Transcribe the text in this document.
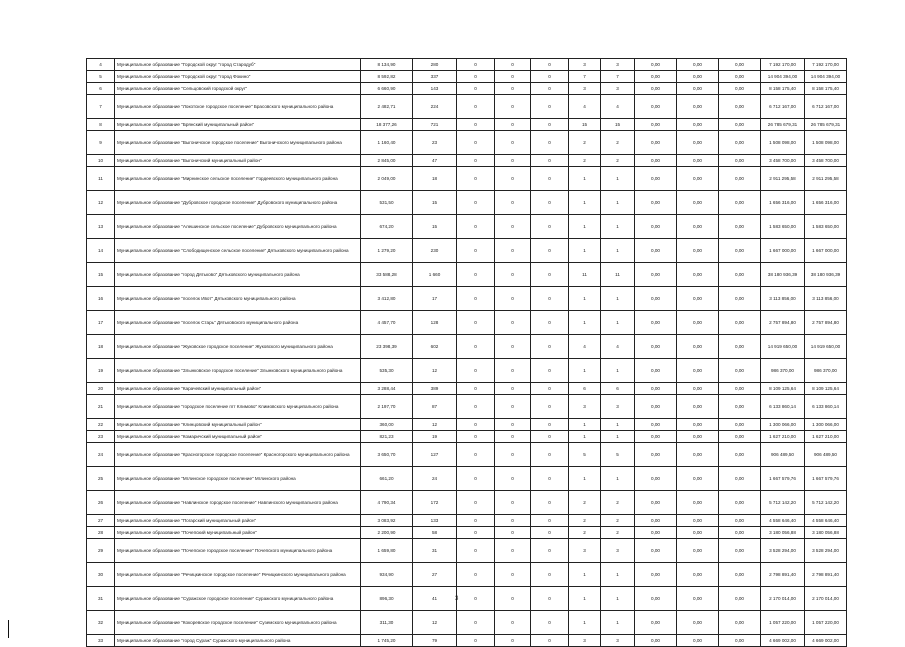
4	Муниципальное образование "Городской округ "город Стародуб"	8 134,90	280	0	0	0	3	3	0,00	0,00	0,00	7 192 170,00	7 192 170,00
5	Муниципальное образование "Городской округ "город Фокино"	8 592,82	337	0	0	0	7	7	0,00	0,00	0,00	14 904 394,00	14 904 394,00
6	Муниципальное образование "Сельцовский городской округ"	6 660,90	143	0	0	0	3	3	0,00	0,00	0,00	8 158 175,40	8 158 175,40
7	Муниципальное образование "Локотское городское поселение" Брасовского муниципального района	2 482,71	224	0	0	0	4	4	0,00	0,00	0,00	6 712 167,00	6 712 167,00
8	Муниципальное образование "Брянский муниципальный район"	18 377,26	721	0	0	0	15	15	0,00	0,00	0,00	26 785 679,31	26 785 679,31
9	Муниципальное образование "Выгоничское городское поселение" Выгоничского муниципального района	1 160,40	23	0	0	0	2	2	0,00	0,00	0,00	1 508 098,00	1 508 098,00
10	Муниципальное образование "Выгоничский муниципальный район"	2 845,00	47	0	0	0	2	2	0,00	0,00	0,00	3 458 700,00	3 458 700,00
11	Муниципальное образование "Мирнинское сельское поселение" Гордеевского муниципального района	2 049,00	18	0	0	0	1	1	0,00	0,00	0,00	2 911 295,58	2 911 295,58
12	Муниципальное образование "Дубровское городское поселение" Дубровского муниципального района	531,50	15	0	0	0	1	1	0,00	0,00	0,00	1 656 316,00	1 656 316,00
13	Муниципальное образование "Алешинское сельское поселение" Дубровского муниципального района	674,20	15	0	0	0	1	1	0,00	0,00	0,00	1 583 650,00	1 583 650,00
14	Муниципальное образование "Слободищенское сельское поселение" Дятьковского муниципального района	1 279,20	230	0	0	0	1	1	0,00	0,00	0,00	1 667 000,00	1 667 000,00
15	Муниципальное образование "город Дятьково" Дятьковского муниципального района	33 588,28	1 660	0	0	0	11	11	0,00	0,00	0,00	38 180 936,39	38 180 936,39
16	Муниципальное образование "поселок Ивот" Дятьковского муниципального района	3 412,80	17	0	0	0	1	1	0,00	0,00	0,00	3 113 856,00	3 113 856,00
17	Муниципальное образование "поселок Старь" Дятьковского муниципального района	4 457,70	128	0	0	0	1	1	0,00	0,00	0,00	2 757 894,80	2 757 894,80
18	Муниципальное образование "Жуковское городское поселение" Жуковского муниципального района	23 398,39	602	0	0	0	4	4	0,00	0,00	0,00	14 919 650,00	14 919 650,00
19	Муниципальное образование "Злынковское городское поселение" Злынковского муниципального района	535,30	12	0	0	0	1	1	0,00	0,00	0,00	986 370,00	986 370,00
20	Муниципальное образование "Карачевский муниципальный район"	3 288,44	389	0	0	0	6	6	0,00	0,00	0,00	8 109 125,64	8 109 125,64
21	Муниципальное образование "городское поселение пгт Климово" Климовского муниципального района	2 197,70	87	0	0	0	3	3	0,00	0,00	0,00	6 133 860,14	6 133 860,14
22	Муниципальное образование "Клинцовский муниципальный район"	360,00	12	0	0	0	1	1	0,00	0,00	0,00	1 300 066,00	1 300 066,00
23	Муниципальное образование "Комаричский муниципальный район"	821,23	19	0	0	0	1	1	0,00	0,00	0,00	1 627 210,00	1 627 210,00
24	Муниципальное образование "Красногорское городское поселение" Красногорского муниципального района	3 650,70	127	0	0	0	5	5	0,00	0,00	0,00	906 489,50	906 489,50
25	Муниципальное образование "Мглинское городское поселение" Мглинского района	661,20	24	0	0	0	1	1	0,00	0,00	0,00	1 667 579,76	1 667 579,76
26	Муниципальное образование "Навлинское городское поселение" Навлинского муниципального района	4 790,34	172	0	0	0	2	2	0,00	0,00	0,00	5 712 142,20	5 712 142,20
27	Муниципальное образование "Погарский муниципальный район"	3 083,92	133	0	0	0	2	2	0,00	0,00	0,00	4 558 646,40	4 558 646,40
28	Муниципальное образование "Почепский муниципальный район"	2 200,90	58	0	0	0	2	2	0,00	0,00	0,00	3 180 056,88	3 180 056,88
29	Муниципальное образование "Почепское городское поселение" Почепского муниципального района	1 659,80	31	0	0	0	3	3	0,00	0,00	0,00	3 528 294,00	3 528 294,00
30	Муниципальное образование "Речицкинское городское поселение" Речицкинского муниципального района	934,90	27	0	0	0	1	1	0,00	0,00	0,00	2 798 891,40	2 798 891,40
31	Муниципальное образование "Суражское городское поселение" Суражского муниципального района	896,30	41	0	0	0	1	1	0,00	0,00	0,00	2 170 014,00	2 170 014,00
32	Муниципальное образование "Кокоревское городское поселение" Суземского муниципального района	311,30	12	0	0	0	1	1	0,00	0,00	0,00	1 057 220,00	1 057 220,00
33	Муниципальное образование "город Сураж" Суражского муниципального района	1 745,20	79	0	0	0	3	3	0,00	0,00	0,00	4 669 002,00	4 669 002,00
3
